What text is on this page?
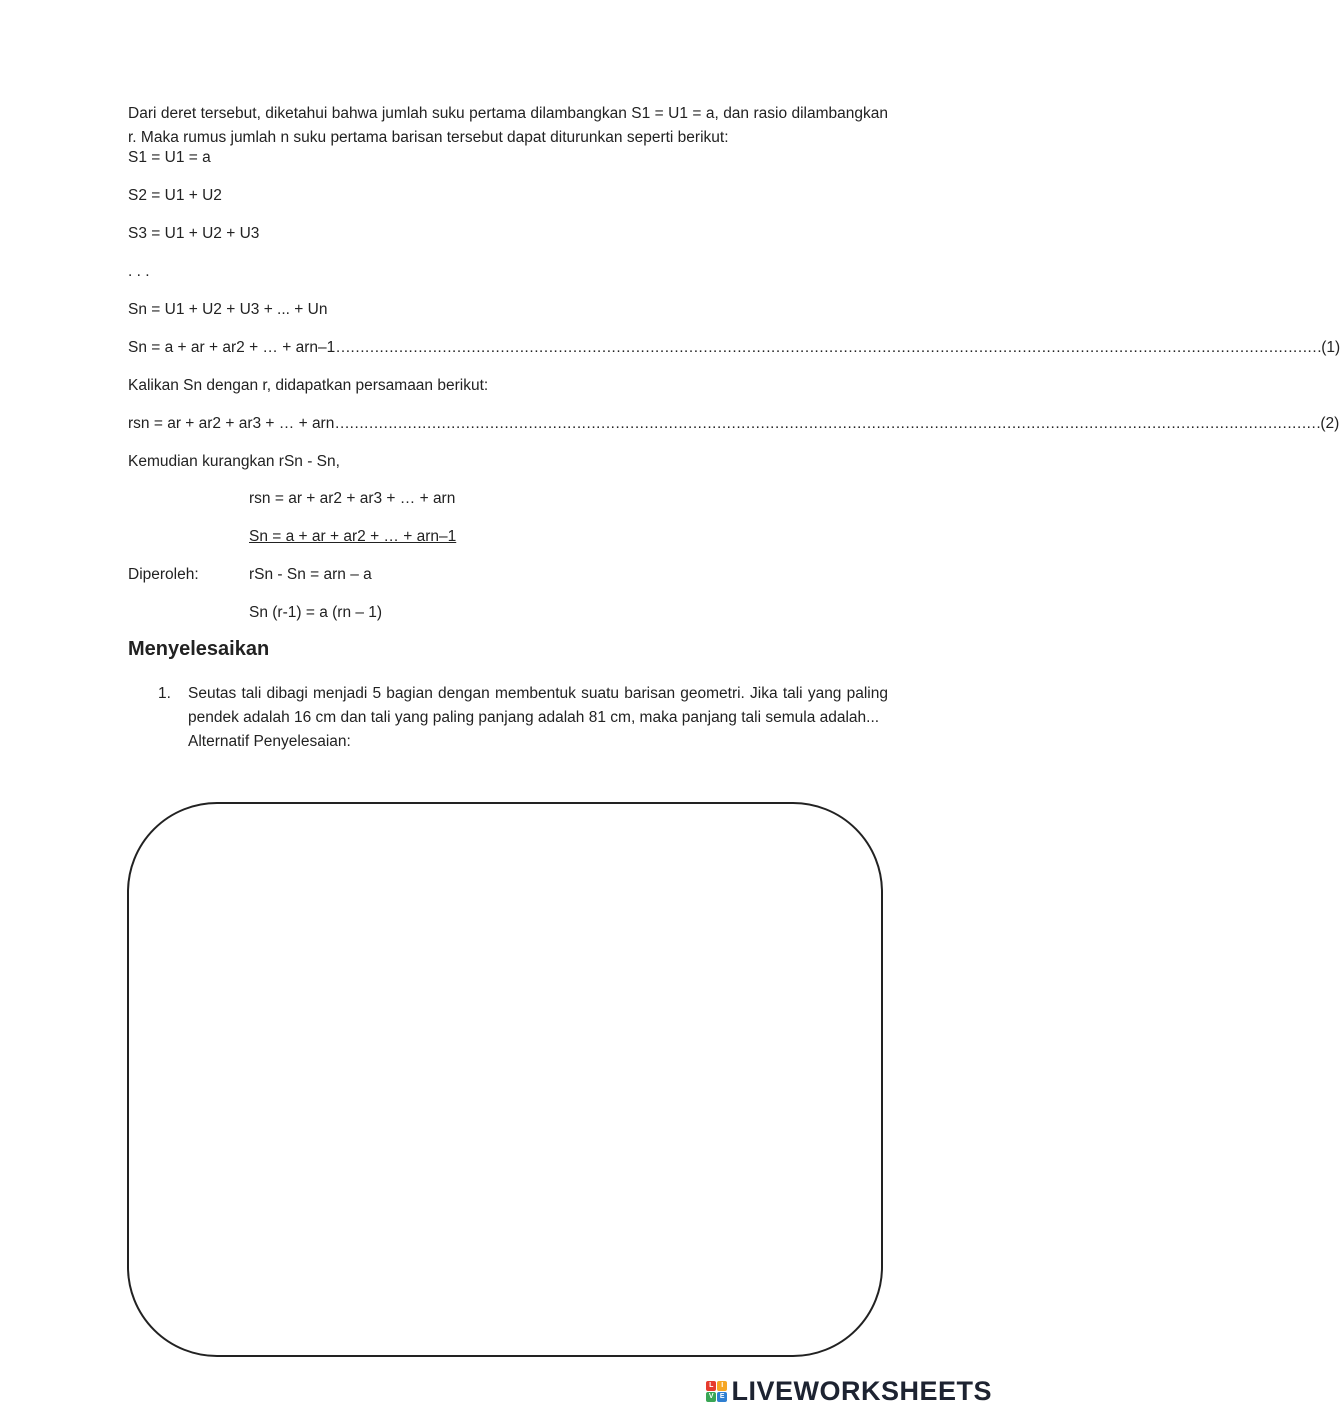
Dari deret tersebut, diketahui bahwa jumlah suku pertama dilambangkan S1 = U1 = a, dan rasio dilambangkan r. Maka rumus jumlah n suku pertama barisan tersebut dapat diturunkan seperti berikut:

S1 = U1 = a
S2 = U1 + U2
S3 = U1 + U2 + U3
. . .
Sn = U1 + U2 + U3 + ... + Un
Sn = a + ar + ar2 + … + arn–1 …………………………………………………………………………………………………………………………………………………………………………………… (1)
Kalikan Sn dengan r, didapatkan persamaan berikut:
rsn = ar + ar2 + ar3 + … + arn …………………………………………………………………………………………………………………………………………………………………………………… (2)
Kemudian kurangkan rSn - Sn,
rsn = ar + ar2 + ar3 + … + arn
Sn = a + ar + ar2 + … + arn–1
Diperoleh:	rSn - Sn = arn – a
Sn (r-1) = a (rn – 1)
Menyelesaikan
1.	Seutas tali dibagi menjadi 5 bagian dengan membentuk suatu barisan geometri. Jika tali yang paling pendek adalah 16 cm dan tali yang paling panjang adalah 81 cm, maka panjang tali semula adalah...
Alternatif Penyelesaian:
L	I
V E LIVEWORKSHEETS
